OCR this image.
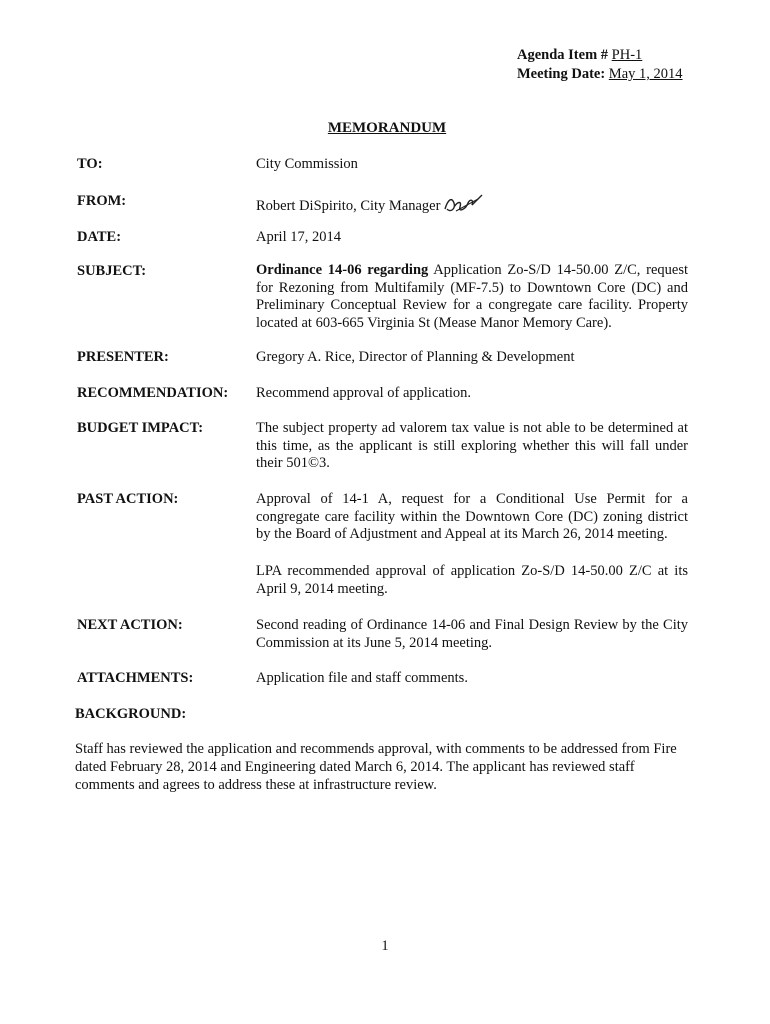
Agenda Item # PH-1
Meeting Date: May 1, 2014
MEMORANDUM
TO:	City Commission
FROM:	Robert DiSpirito, City Manager
DATE:	April 17, 2014
SUBJECT:	Ordinance 14-06 regarding Application Zo-S/D 14-50.00 Z/C, request for Rezoning from Multifamily (MF-7.5) to Downtown Core (DC) and Preliminary Conceptual Review for a congregate care facility. Property located at 603-665 Virginia St (Mease Manor Memory Care).
PRESENTER:	Gregory A. Rice, Director of Planning & Development
RECOMMENDATION: Recommend approval of application.
BUDGET IMPACT:	The subject property ad valorem tax value is not able to be determined at this time, as the applicant is still exploring whether this will fall under their 501©3.
PAST ACTION:	Approval of 14-1 A, request for a Conditional Use Permit for a congregate care facility within the Downtown Core (DC) zoning district by the Board of Adjustment and Appeal at its March 26, 2014 meeting.
LPA recommended approval of application Zo-S/D 14-50.00 Z/C at its April 9, 2014 meeting.
NEXT ACTION:	Second reading of Ordinance 14-06 and Final Design Review by the City Commission at its June 5, 2014 meeting.
ATTACHMENTS:	Application file and staff comments.
BACKGROUND:
Staff has reviewed the application and recommends approval, with comments to be addressed from Fire dated February 28, 2014 and Engineering dated March 6, 2014. The applicant has reviewed staff comments and agrees to address these at infrastructure review.
1
